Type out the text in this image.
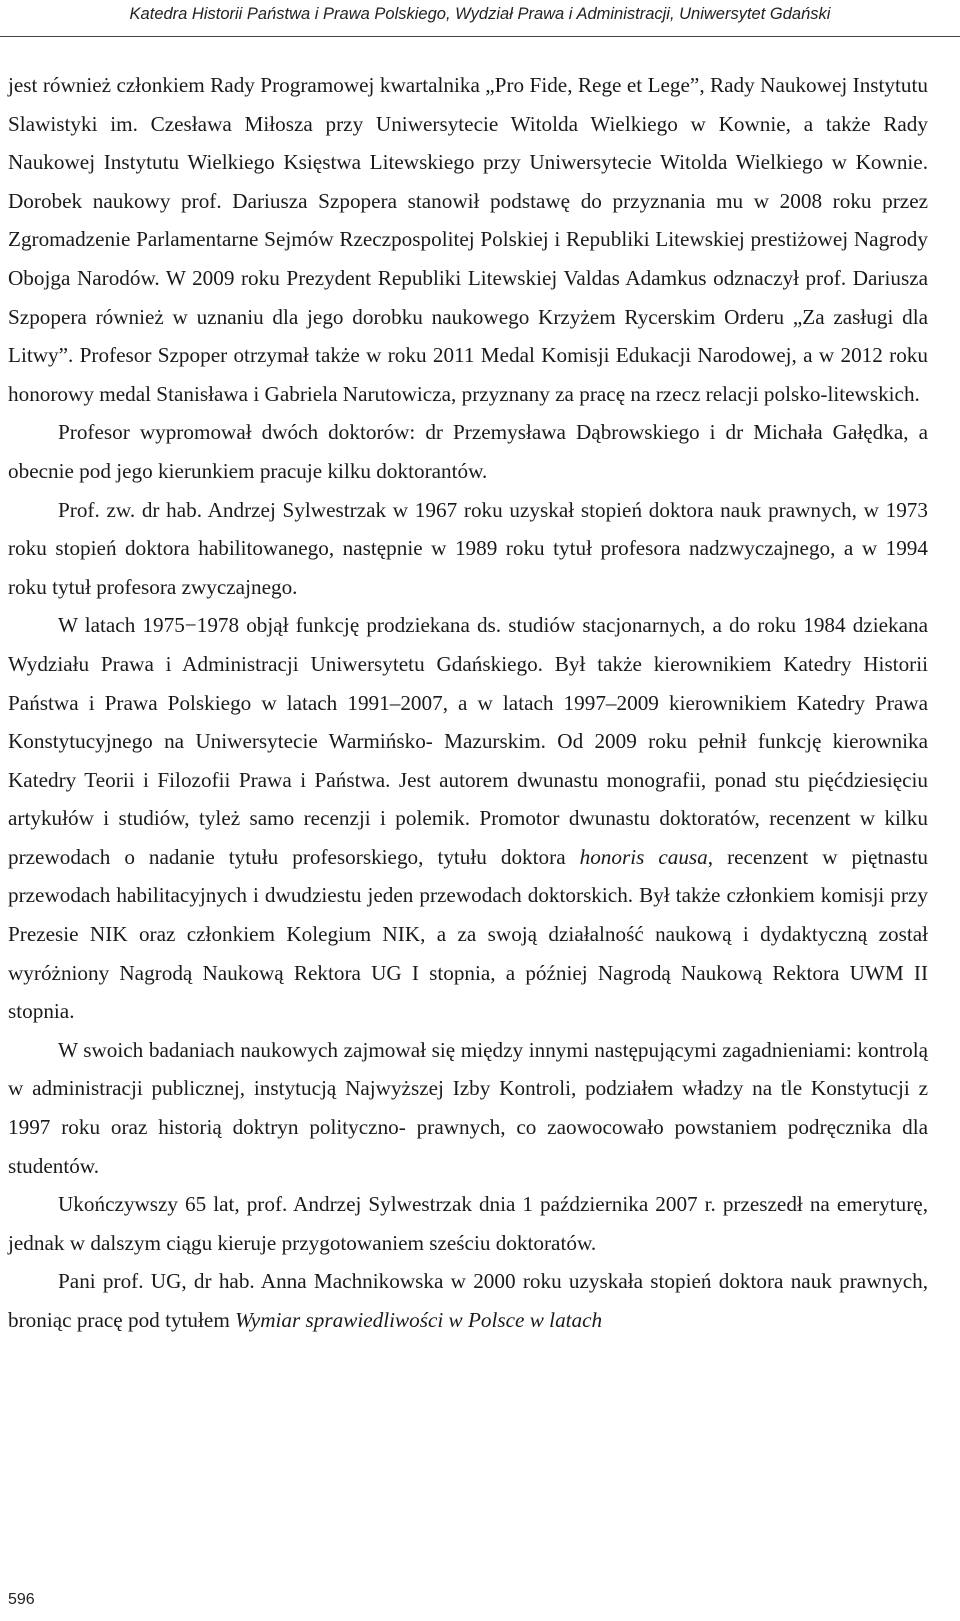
Katedra Historii Państwa i Prawa Polskiego, Wydział Prawa i Administracji, Uniwersytet Gdański

jest również członkiem Rady Programowej kwartalnika „Pro Fide, Rege et Lege”, Rady Naukowej Instytutu Slawistyki im. Czesława Miłosza przy Uniwersytecie Witolda Wielkiego w Kownie, a także Rady Naukowej Instytutu Wielkiego Księstwa Litewskiego przy Uniwersytecie Witolda Wielkiego w Kownie. Dorobek naukowy prof. Dariusza Szpopera stanowił podstawę do przyznania mu w 2008 roku przez Zgromadzenie Parlamentarne Sejmów Rzeczpospolitej Polskiej i Republiki Litewskiej prestiżowej Nagrody Obojga Narodów. W 2009 roku Prezydent Republiki Litewskiej Valdas Adamkus odznaczył prof. Dariusza Szpopera również w uznaniu dla jego dorobku naukowego Krzyżem Rycerskim Orderu „Za zasługi dla Litwy”. Profesor Szpoper otrzymał także w roku 2011 Medal Komisji Edukacji Narodowej, a w 2012 roku honorowy medal Stanisława i Gabriela Narutowicza, przyznany za pracę na rzecz relacji polsko-litewskich.

Profesor wypromował dwóch doktorów: dr Przemysława Dąbrowskiego i dr Michała Gałędka, a obecnie pod jego kierunkiem pracuje kilku doktorantów.

Prof. zw. dr hab. Andrzej Sylwestrzak w 1967 roku uzyskał stopień doktora nauk prawnych, w 1973 roku stopień doktora habilitowanego, następnie w 1989 roku tytuł profesora nadzwyczajnego, a w 1994 roku tytuł profesora zwyczajnego.

W latach 1975−1978 objął funkcję prodziekana ds. studiów stacjonarnych, a do roku 1984 dziekana Wydziału Prawa i Administracji Uniwersytetu Gdańskiego. Był także kierownikiem Katedry Historii Państwa i Prawa Polskiego w latach 1991–2007, a w latach 1997–2009 kierownikiem Katedry Prawa Konstytucyjnego na Uniwersytecie Warmińsko- Mazurskim. Od 2009 roku pełnił funkcję kierownika Katedry Teorii i Filozofii Prawa i Państwa. Jest autorem dwunastu monografii, ponad stu pięćdziesięciu artykułów i studiów, tyleż samo recenzji i polemik. Promotor dwunastu doktoratów, recenzent w kilku przewodach o nadanie tytułu profesorskiego, tytułu doktora honoris causa, recenzent w piętnastu przewodach habilitacyjnych i dwudziestu jeden przewodach doktorskich. Był także członkiem komisji przy Prezesie NIK oraz członkiem Kolegium NIK, a za swoją działalność naukową i dydaktyczną został wyróżniony Nagrodą Naukową Rektora UG I stopnia, a później Nagrodą Naukową Rektora UWM II stopnia.

W swoich badaniach naukowych zajmował się między innymi następującymi zagadnieniami: kontrolą w administracji publicznej, instytucją Najwyższej Izby Kontroli, podziałem władzy na tle Konstytucji z 1997 roku oraz historią doktryn polityczno- prawnych, co zaowocowało powstaniem podręcznika dla studentów.

Ukończywszy 65 lat, prof. Andrzej Sylwestrzak dnia 1 października 2007 r. przeszedł na emeryturę, jednak w dalszym ciągu kieruje przygotowaniem sześciu doktoratów.

Pani prof. UG, dr hab. Anna Machnikowska w 2000 roku uzyskała stopień doktora nauk prawnych, broniąc pracę pod tytułem Wymiar sprawiedliwości w Polsce w latach

596
